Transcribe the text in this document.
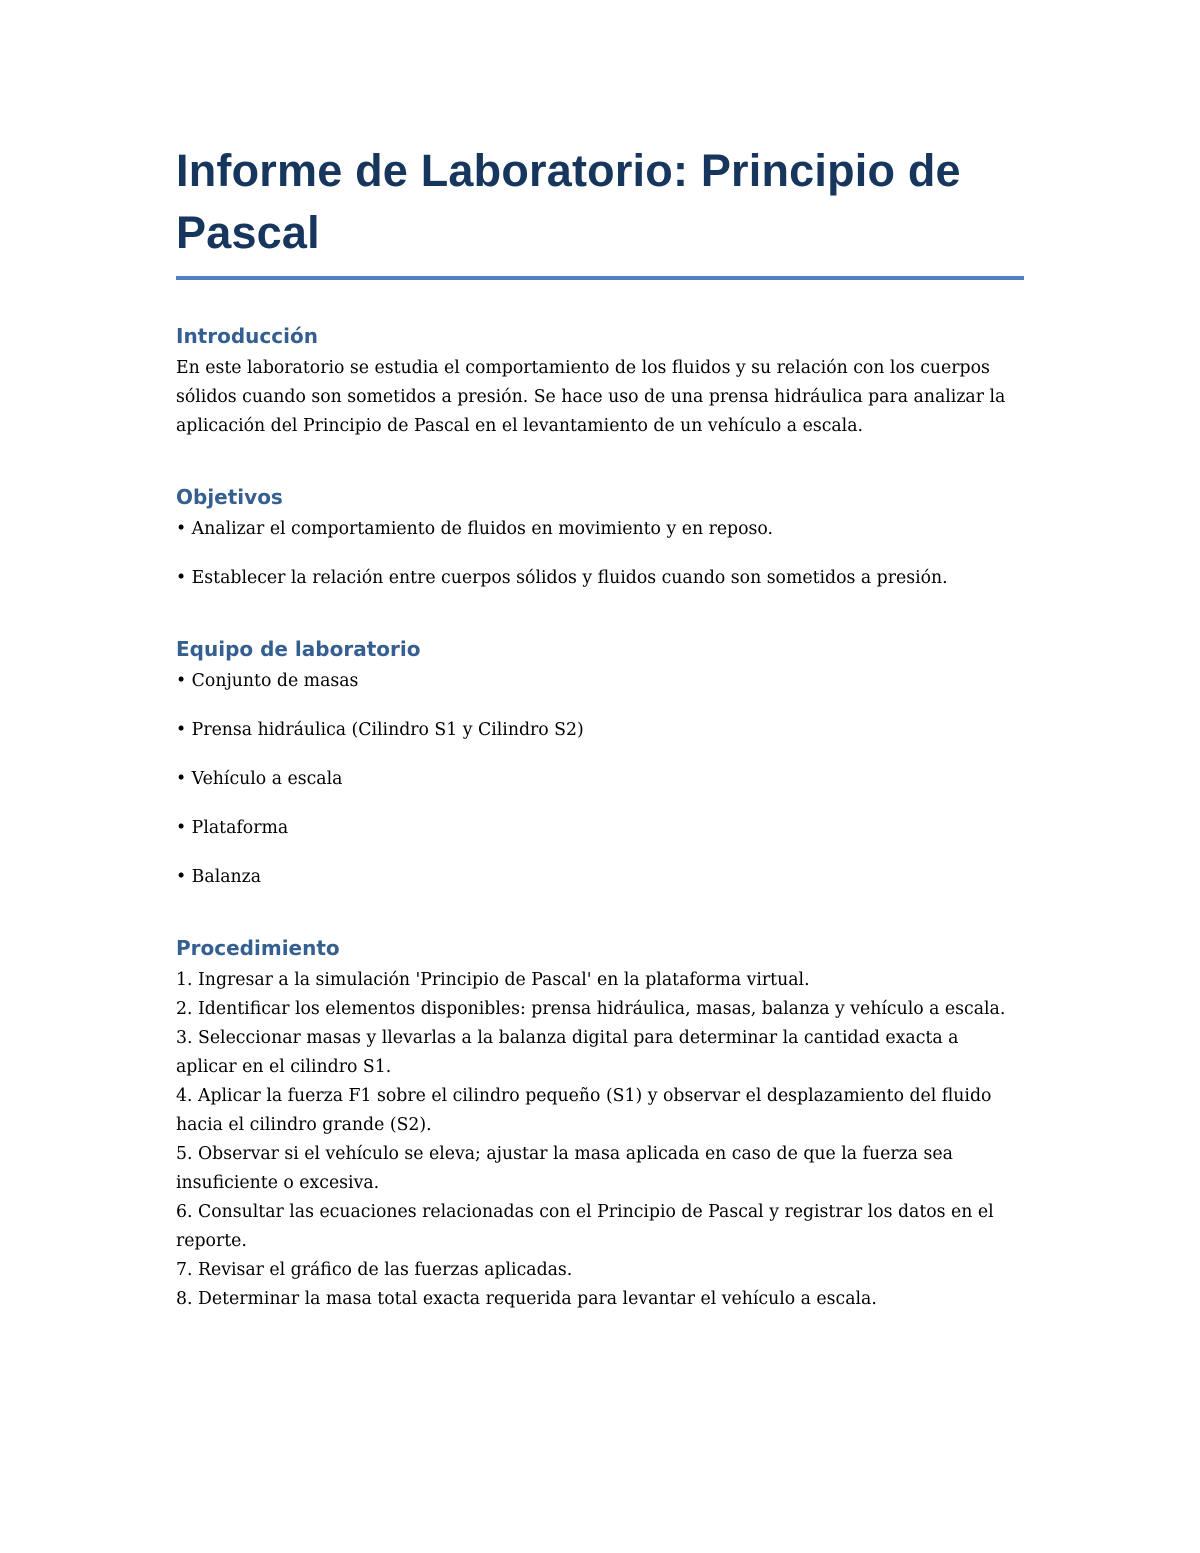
Informe de Laboratorio: Principio de Pascal
Introducción

En este laboratorio se estudia el comportamiento de los fluidos y su relación con los cuerpos sólidos cuando son sometidos a presión. Se hace uso de una prensa hidráulica para analizar la aplicación del Principio de Pascal en el levantamiento de un vehículo a escala.

Objetivos

• Analizar el comportamiento de fluidos en movimiento y en reposo.

• Establecer la relación entre cuerpos sólidos y fluidos cuando son sometidos a presión.

Equipo de laboratorio

• Conjunto de masas

• Prensa hidráulica (Cilindro S1 y Cilindro S2)

• Vehículo a escala

• Plataforma

• Balanza

Procedimiento

1. Ingresar a la simulación 'Principio de Pascal' en la plataforma virtual.

2. Identificar los elementos disponibles: prensa hidráulica, masas, balanza y vehículo a escala.

3. Seleccionar masas y llevarlas a la balanza digital para determinar la cantidad exacta a aplicar en el cilindro S1.

4. Aplicar la fuerza F1 sobre el cilindro pequeño (S1) y observar el desplazamiento del fluido hacia el cilindro grande (S2).

5. Observar si el vehículo se eleva; ajustar la masa aplicada en caso de que la fuerza sea insuficiente o excesiva.

6. Consultar las ecuaciones relacionadas con el Principio de Pascal y registrar los datos en el reporte.

7. Revisar el gráfico de las fuerzas aplicadas.

8. Determinar la masa total exacta requerida para levantar el vehículo a escala.
